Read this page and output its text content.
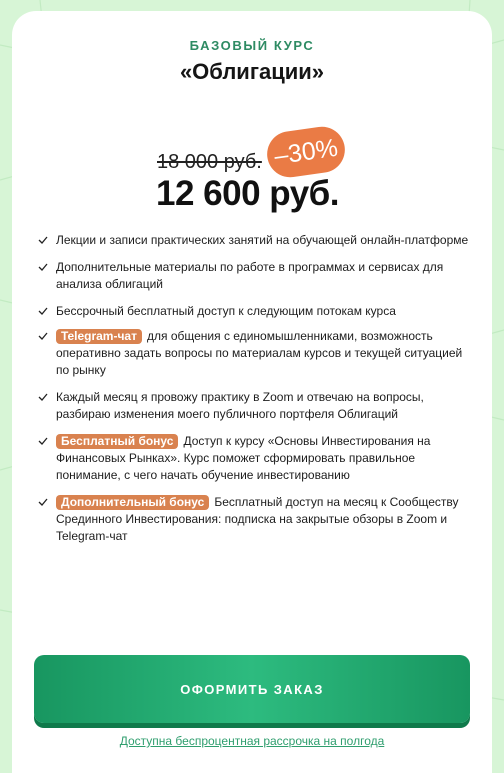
БАЗОВЫЙ КУРС
«Облигации»
18 000 руб. –30%
12 600 руб.
Лекции и записи практических занятий на обучающей онлайн-платформе
Дополнительные материалы по работе в программах и сервисах для анализа облигаций
Бессрочный бесплатный доступ к следующим потокам курса
Telegram-чат для общения с единомышленниками, возможность оперативно задать вопросы по материалам курсов и текущей ситуацией по рынку
Каждый месяц я провожу практику в Zoom и отвечаю на вопросы, разбираю изменения моего публичного портфеля Облигаций
Бесплатный бонус Доступ к курсу «Основы Инвестирования на Финансовых Рынках». Курс поможет сформировать правильное понимание, с чего начать обучение инвестированию
Дополнительный бонус Бесплатный доступ на месяц к Сообществу Срединного Инвестирования: подписка на закрытые обзоры в Zoom и Telegram-чат
ОФОРМИТЬ ЗАКАЗ
Доступна беспроцентная рассрочка на полгода
